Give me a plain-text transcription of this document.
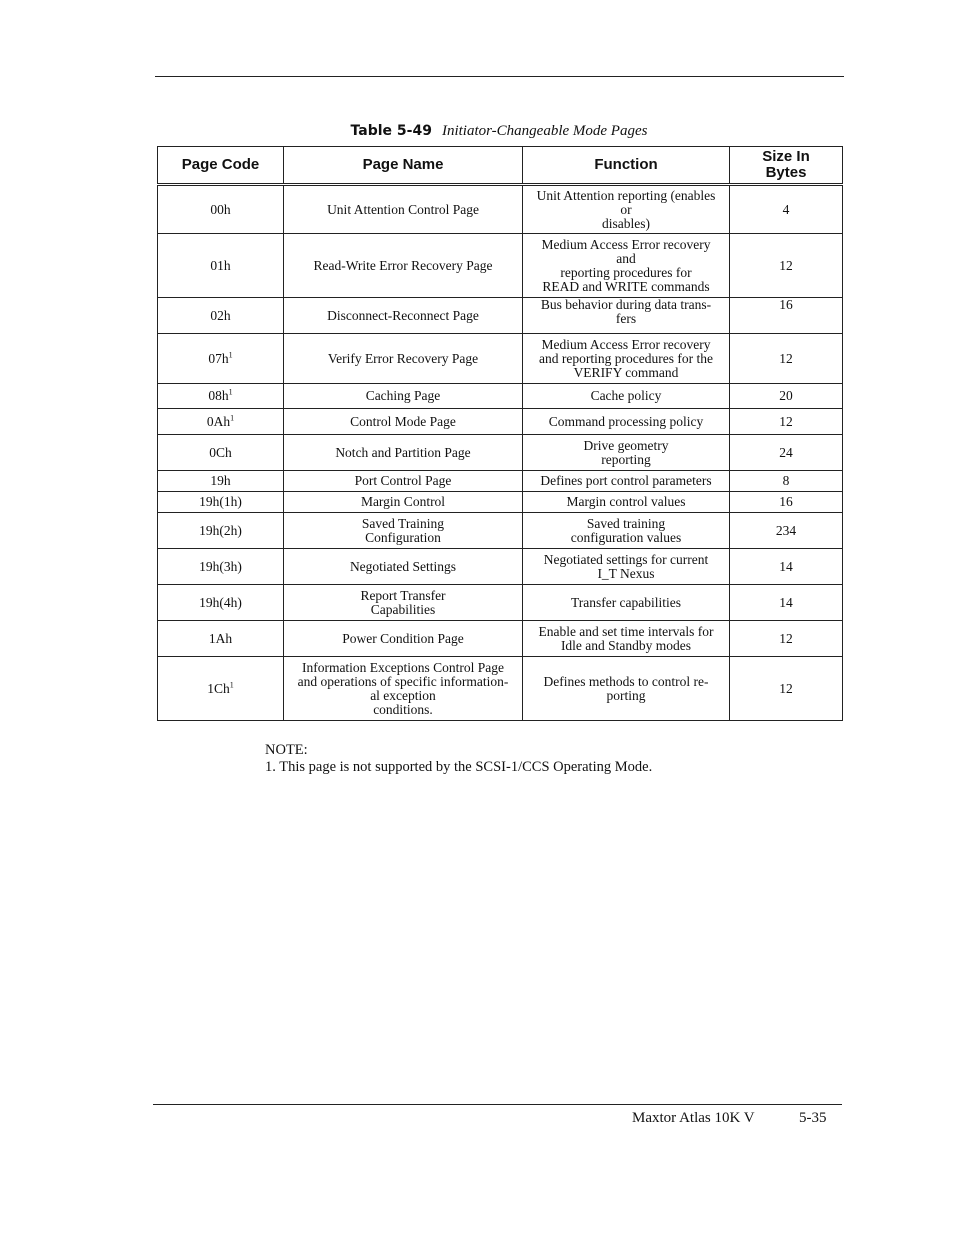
Table 5-49 Initiator-Changeable Mode Pages
Page Code	Page Name	Function	Size In
Bytes
00h	Unit Attention Control Page	Unit Attention reporting (enables
or
disables)	4
01h	Read-Write Error Recovery Page	Medium Access Error recovery
and
reporting procedures for
READ and WRITE commands	12
02h	Disconnect-Reconnect Page	Bus behavior during data trans-
fers	16
$07h^1$	Verify Error Recovery Page	Medium Access Error recovery
and reporting procedures for the
VERIFY command	12
$08h^1$	Caching Page	Cache policy	20
0Ah$^1$	Control Mode Page	Command processing policy	12
0Ch	Notch and Partition Page	Drive geometry
reporting	24
19h	Port Control Page	Defines port control parameters	8
19h(1h)	Margin Control	Margin control values	16
19h(2h)	Saved Training
Configuration	Saved training
configuration values	234
19h(3h)	Negotiated Settings	Negotiated settings for current
I_T Nexus	14
19h(4h)	Report Transfer
Capabilities	Transfer capabilities	14
1Ah	Power Condition Page	Enable and set time intervals for
Idle and Standby modes	12
1Ch$^1$	Information Exceptions Control Page
and operations of specific information-
al exception
conditions.	Defines methods to control re-
porting	12
NOTE:
1. This page is not supported by the SCSI-1/CCS Operating Mode.
Maxtor Atlas 10K V	5-35
